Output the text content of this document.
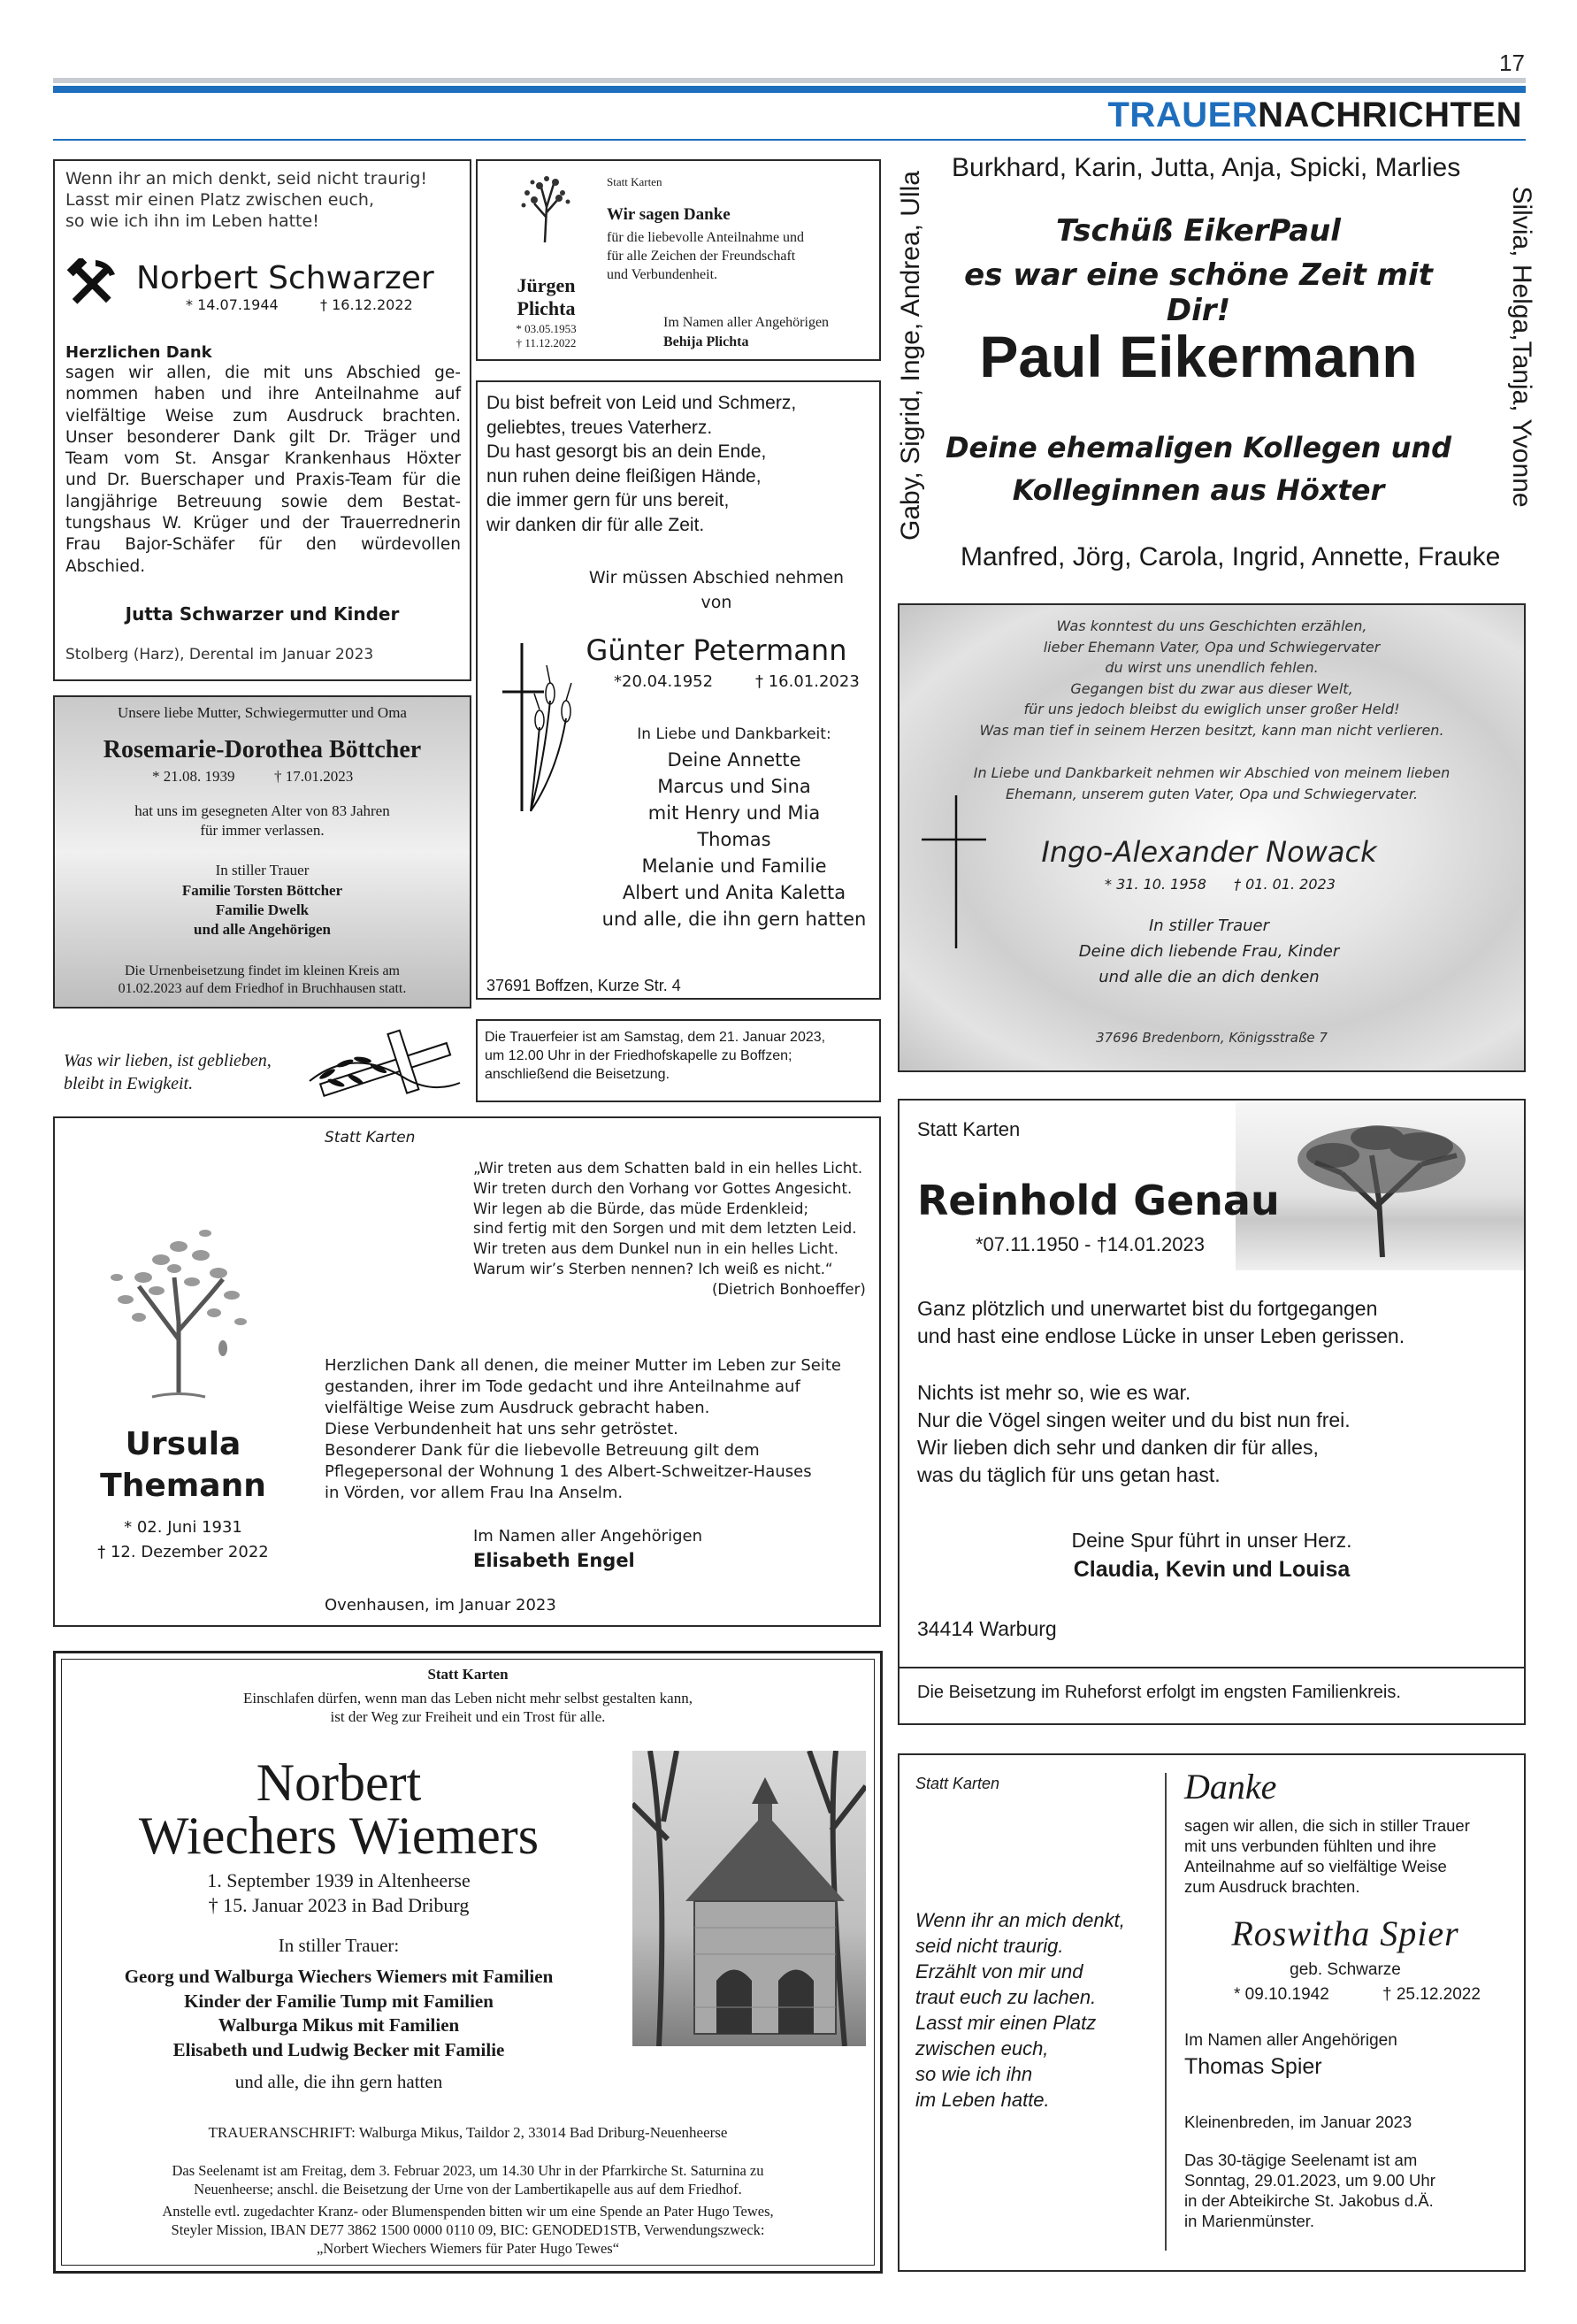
17
TRAUERNACHRICHTEN
Wenn ihr an mich denkt, seid nicht traurig!
Lasst mir einen Platz zwischen euch,
so wie ich ihn im Leben hatte!
Norbert Schwarzer
* 14.07.1944	† 16.12.2022
Herzlichen Dank
sagen wir allen, die mit uns Abschied ge-
nommen haben und ihre Anteilnahme auf
vielfältige Weise zum Ausdruck brachten.
Unser besonderer Dank gilt Dr. Träger und
Team vom St. Ansgar Krankenhaus Höxter
und Dr. Buerschaper und Praxis-Team für die
langjährige Betreuung sowie dem Bestat-
tungshaus W. Krüger und der Trauerrednerin
Frau Bajor-Schäfer für den würdevollen
Abschied.
Jutta Schwarzer und Kinder
Stolberg (Harz), Derental im Januar 2023
Jürgen
Plichta
* 03.05.1953
† 11.12.2022
Statt Karten
Wir sagen Danke
für die liebevolle Anteilnahme und
für alle Zeichen der Freundschaft
und Verbundenheit.
Im Namen aller Angehörigen
Behija Plichta
Du bist befreit von Leid und Schmerz,
geliebtes, treues Vaterherz.
Du hast gesorgt bis an dein Ende,
nun ruhen deine fleißigen Hände,
die immer gern für uns bereit,
wir danken dir für alle Zeit.
Wir müssen Abschied nehmen
von
Günter Petermann
*20.04.1952	† 16.01.2023
In Liebe und Dankbarkeit:
Deine Annette
Marcus und Sina
mit Henry und Mia
Thomas
Melanie und Familie
Albert und Anita Kaletta
und alle, die ihn gern hatten
37691 Boffzen, Kurze Str. 4
Die Trauerfeier ist am Samstag, dem 21. Januar 2023,
um 12.00 Uhr in der Friedhofskapelle zu Boffzen;
anschließend die Beisetzung.
Burkhard, Karin, Jutta, Anja, Spicki, Marlies
Gaby, Sigrid, Inge, Andrea, Ulla	Silvia, Helga,Tanja, Yvonne
Tschüß EikerPaul
es war eine schöne Zeit mit Dir!
Paul Eikermann
Deine ehemaligen Kollegen und
Kolleginnen aus Höxter
Manfred, Jörg, Carola, Ingrid, Annette, Frauke
Unsere liebe Mutter, Schwiegermutter und Oma
Rosemarie-Dorothea Böttcher
* 21.08. 1939	† 17.01.2023
hat uns im gesegneten Alter von 83 Jahren
für immer verlassen.
In stiller Trauer
Familie Torsten Böttcher
Familie Dwelk
und alle Angehörigen
Die Urnenbeisetzung findet im kleinen Kreis am
01.02.2023 auf dem Friedhof in Bruchhausen statt.
Was wir lieben, ist geblieben,
bleibt in Ewigkeit.
Was konntest du uns Geschichten erzählen,
lieber Ehemann Vater, Opa und Schwiegervater
du wirst uns unendlich fehlen.
Gegangen bist du zwar aus dieser Welt,
für uns jedoch bleibst du ewiglich unser großer Held!
Was man tief in seinem Herzen besitzt, kann man nicht verlieren.
In Liebe und Dankbarkeit nehmen wir Abschied von meinem lieben
Ehemann, unserem guten Vater, Opa und Schwiegervater.
Ingo-Alexander Nowack
* 31. 10. 1958 † 01. 01. 2023
In stiller Trauer
Deine dich liebende Frau, Kinder
und alle die an dich denken
37696 Bredenborn, Königsstraße 7
Statt Karten
„Wir treten aus dem Schatten bald in ein helles Licht.
Wir treten durch den Vorhang vor Gottes Angesicht.
Wir legen ab die Bürde, das müde Erdenkleid;
sind fertig mit den Sorgen und mit dem letzten Leid.
Wir treten aus dem Dunkel nun in ein helles Licht.
Warum wir’s Sterben nennen? Ich weiß es nicht.“
(Dietrich Bonhoeffer)
Ursula
Themann
* 02. Juni 1931
† 12. Dezember 2022
Herzlichen Dank all denen, die meiner Mutter im Leben zur Seite
gestanden, ihrer im Tode gedacht und ihre Anteilnahme auf
vielfältige Weise zum Ausdruck gebracht haben.
Diese Verbundenheit hat uns sehr getröstet.
Besonderer Dank für die liebevolle Betreuung gilt dem
Pflegepersonal der Wohnung 1 des Albert-Schweitzer-Hauses
in Vörden, vor allem Frau Ina Anselm.
Im Namen aller Angehörigen
Elisabeth Engel
Ovenhausen, im Januar 2023
Statt Karten
Reinhold Genau
*07.11.1950 - †14.01.2023
Ganz plötzlich und unerwartet bist du fortgegangen
und hast eine endlose Lücke in unser Leben gerissen.
Nichts ist mehr so, wie es war.
Nur die Vögel singen weiter und du bist nun frei.
Wir lieben dich sehr und danken dir für alles,
was du täglich für uns getan hast.
Deine Spur führt in unser Herz.
Claudia, Kevin und Louisa
34414 Warburg
Die Beisetzung im Ruheforst erfolgt im engsten Familienkreis.
Statt Karten
Einschlafen dürfen, wenn man das Leben nicht mehr selbst gestalten kann,
ist der Weg zur Freiheit und ein Trost für alle.
Norbert
Wiechers Wiemers
1. September 1939 in Altenheerse
† 15. Januar 2023 in Bad Driburg
In stiller Trauer:
Georg und Walburga Wiechers Wiemers mit Familien
Kinder der Familie Tump mit Familien
Walburga Mikus mit Familien
Elisabeth und Ludwig Becker mit Familie
und alle, die ihn gern hatten
TRAUERANSCHRIFT: Walburga Mikus, Taildor 2, 33014 Bad Driburg-Neuenheerse
Das Seelenamt ist am Freitag, dem 3. Februar 2023, um 14.30 Uhr in der Pfarrkirche St. Saturnina zu
Neuenheerse; anschl. die Beisetzung der Urne von der Lambertikapelle aus auf dem Friedhof.
Anstelle evtl. zugedachter Kranz- oder Blumenspenden bitten wir um eine Spende an Pater Hugo Tewes,
Steyler Mission, IBAN DE77 3862 1500 0000 0110 09, BIC: GENODED1STB, Verwendungszweck:
„Norbert Wiechers Wiemers für Pater Hugo Tewes“
Statt Karten
Wenn ihr an mich denkt,
seid nicht traurig.
Erzählt von mir und
traut euch zu lachen.
Lasst mir einen Platz
zwischen euch,
so wie ich ihn
im Leben hatte.
Danke
sagen wir allen, die sich in stiller Trauer
mit uns verbunden fühlten und ihre
Anteilnahme auf so vielfältige Weise
zum Ausdruck brachten.
Roswitha Spier
geb. Schwarze
* 09.10.1942	† 25.12.2022
Im Namen aller Angehörigen
Thomas Spier
Kleinenbreden, im Januar 2023
Das 30-tägige Seelenamt ist am
Sonntag, 29.01.2023, um 9.00 Uhr
in der Abteikirche St. Jakobus d.Ä.
in Marienmünster.
